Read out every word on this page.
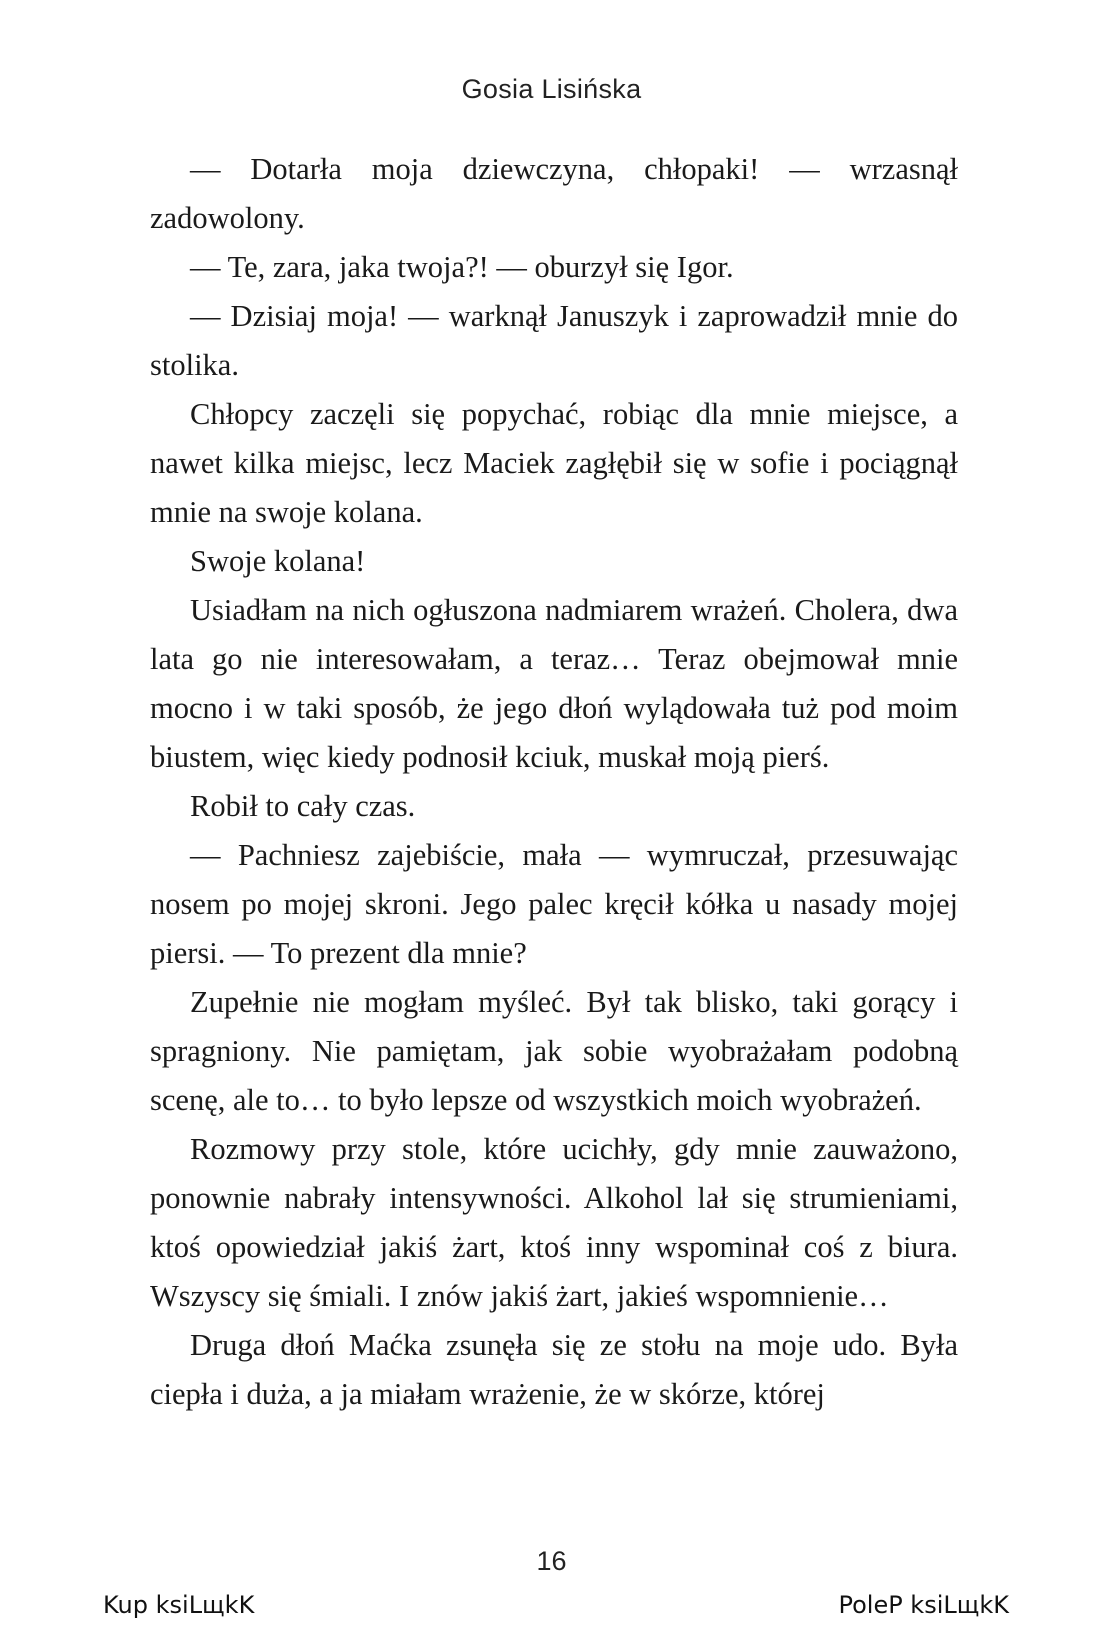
Gosia Lisińska

— Dotarła moja dziewczyna, chłopaki! — wrzasnął zadowolony.

— Te, zara, jaka twoja?! — oburzył się Igor.

— Dzisiaj moja! — warknął Januszyk i zaprowadził mnie do stolika.

Chłopcy zaczęli się popychać, robiąc dla mnie miejsce, a nawet kilka miejsc, lecz Maciek zagłębił się w sofie i pociągnął mnie na swoje kolana.

Swoje kolana!

Usiadłam na nich ogłuszona nadmiarem wrażeń. Cholera, dwa lata go nie interesowałam, a teraz… Teraz obejmował mnie mocno i w taki sposób, że jego dłoń wylądowała tuż pod moim biustem, więc kiedy podnosił kciuk, muskał moją pierś.

Robił to cały czas.

— Pachniesz zajebiście, mała — wymruczał, przesuwając nosem po mojej skroni. Jego palec kręcił kółka u nasady mojej piersi. — To prezent dla mnie?

Zupełnie nie mogłam myśleć. Był tak blisko, taki gorący i spragniony. Nie pamiętam, jak sobie wyobrażałam podobną scenę, ale to… to było lepsze od wszystkich moich wyobrażeń.

Rozmowy przy stole, które ucichły, gdy mnie zauważono, ponownie nabrały intensywności. Alkohol lał się strumieniami, ktoś opowiedział jakiś żart, ktoś inny wspominał coś z biura. Wszyscy się śmiali. I znów jakiś żart, jakieś wspomnienie…

Druga dłoń Maćka zsunęła się ze stołu na moje udo. Była ciepła i duża, a ja miałam wrażenie, że w skórze, której

16
Kup ksiLщkK	PoleP ksiLщkK
